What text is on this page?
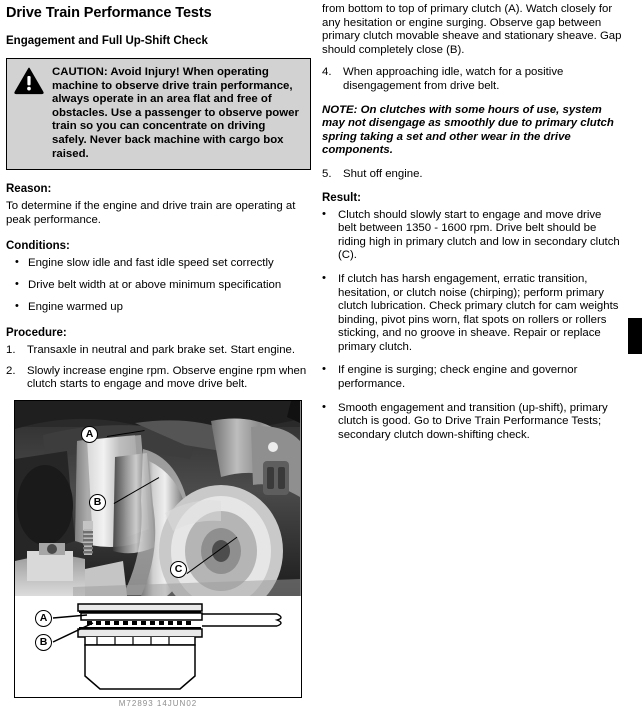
Drive Train Performance Tests
Engagement and Full Up-Shift Check
CAUTION: Avoid Injury! When operating machine to observe drive train performance, always operate in an area flat and free of obstacles. Use a passenger to observe power train so you can concentrate on driving safely. Never back machine with cargo box raised.
Reason:

To determine if the engine and drive train are operating at peak performance.

Conditions:
• Engine slow idle and fast idle speed set correctly
• Drive belt width at or above minimum specification
• Engine warmed up
Procedure:
1. Transaxle in neutral and park brake set. Start engine.
2. Slowly increase engine rpm. Observe engine rpm when clutch starts to engage and move drive belt.

from bottom to top of primary clutch (A). Watch closely for any hesitation or engine surging. Observe gap between primary clutch movable sheave and stationary sheave. Gap should completely close (B).

4. When approaching idle, watch for a positive disengagement from drive belt.

NOTE: On clutches with some hours of use, system may not disengage as smoothly due to primary clutch spring taking a set and other wear in the drive components.

5. Shut off engine.
Result:
• Clutch should slowly start to engage and move drive belt between 1350 - 1600 rpm. Drive belt should be riding high in primary clutch and low in secondary clutch (C).
• If clutch has harsh engagement, erratic transition, hesitation, or clutch noise (chirping); perform primary clutch lubrication. Check primary clutch for cam weights binding, pivot pins worn, flat spots on rollers or rollers sticking, and no groove in sheave. Repair or replace primary clutch.
• If engine is surging; check engine and governor performance.
• Smooth engagement and transition (up-shift), primary clutch is good. Go to Drive Train Performance Tests; secondary clutch down-shifting check.
A
B
C
A
B
M72893 14JUN02
